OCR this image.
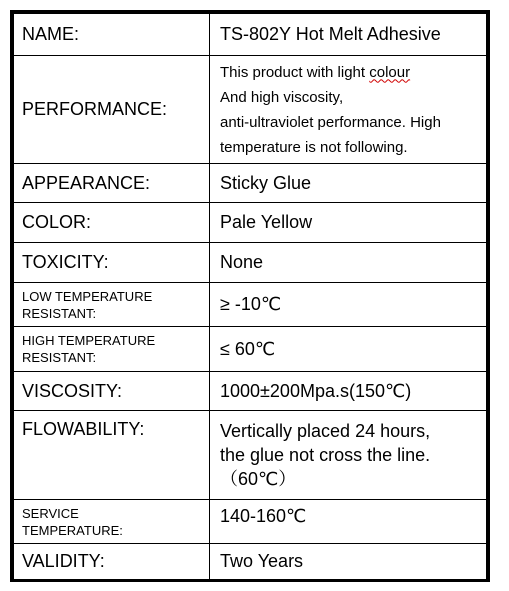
NAME:	TS-802Y Hot Melt Adhesive
PERFORMANCE:	This product with light colour
And high viscosity,
anti-ultraviolet performance. High
temperature is not following.

APPEARANCE:	Sticky Glue
COLOR:	Pale Yellow
TOXICITY:	None

LOW TEMPERATURE
RESISTANT:	≥ -10℃

HIGH TEMPERATURE
RESISTANT:	≤ 60℃
VISCOSITY:	1000±200Mpa.s(150℃)
FLOWABILITY:	Vertically placed 24 hours,
the glue not cross the line.
（60℃）

SERVICE
TEMPERATURE:	140-160℃
VALIDITY:	Two Years
